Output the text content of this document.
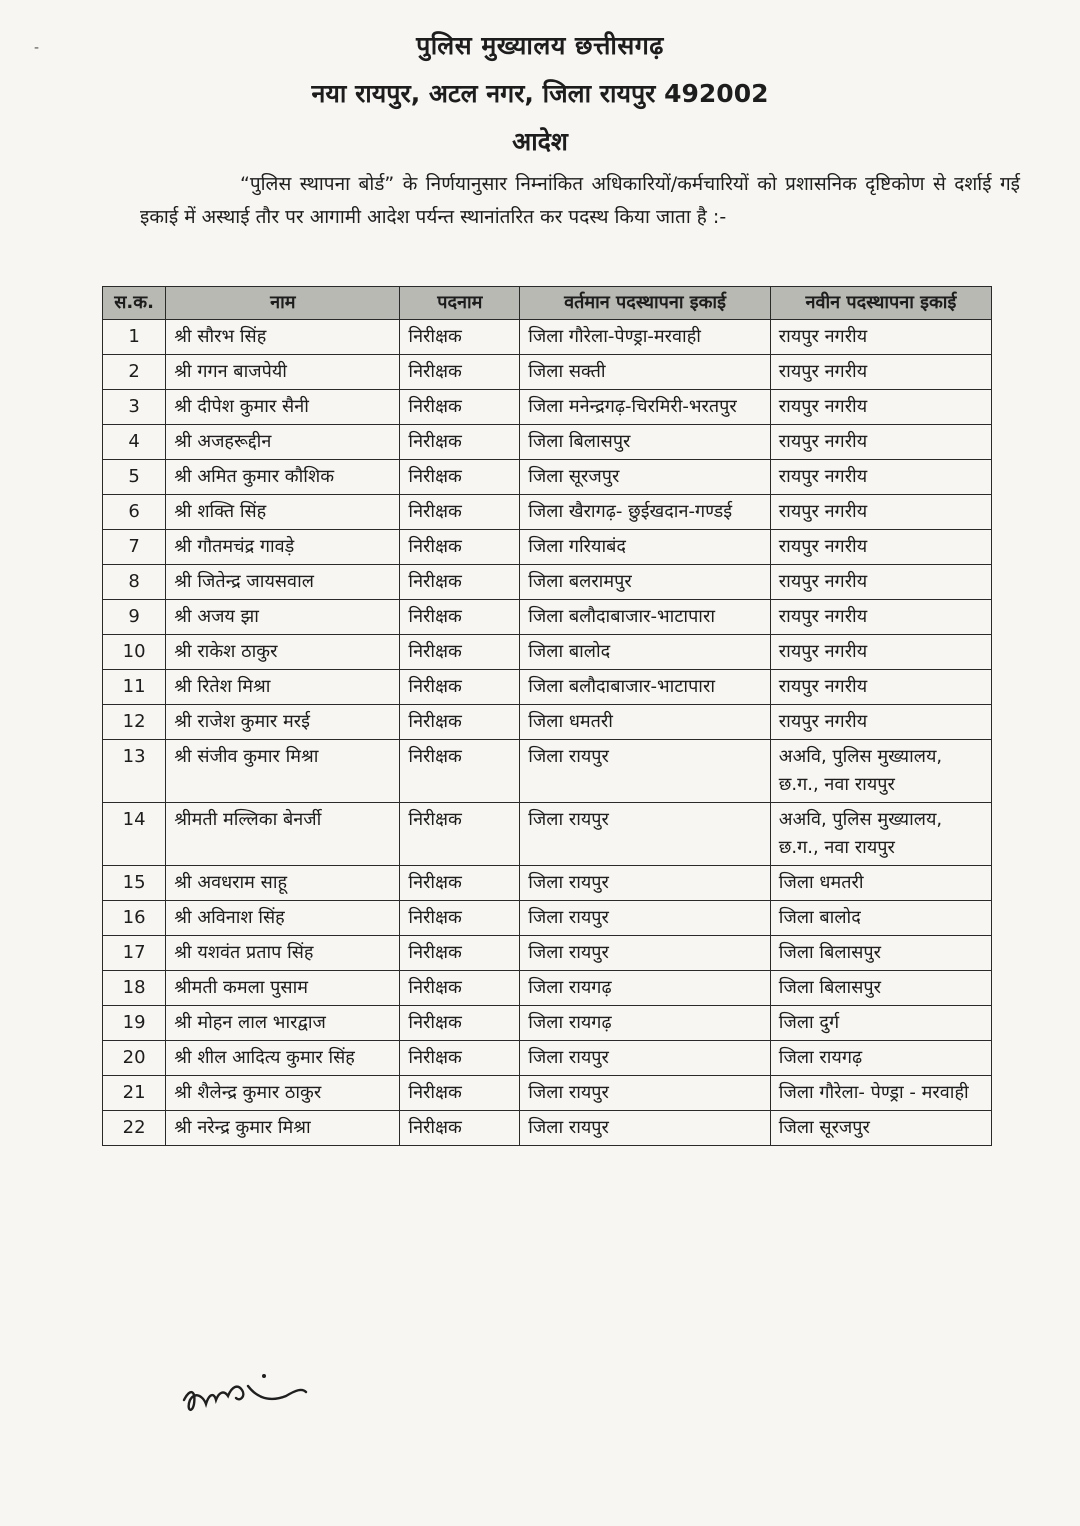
-	पुलिस मुख्यालय छत्तीसगढ़
नया रायपुर, अटल नगर, जिला रायपुर 492002
आदेश
“पुलिस स्थापना बोर्ड” के निर्णयानुसार निम्नांकित अधिकारियों/कर्मचारियों को प्रशासनिक दृष्टिकोण से दर्शाई गई इकाई में अस्थाई तौर पर आगामी आदेश पर्यन्त स्थानांतरित कर पदस्थ किया जाता है :-
स.क.	नाम	पदनाम	वर्तमान पदस्थापना इकाई	नवीन पदस्थापना इकाई
1	श्री सौरभ सिंह	निरीक्षक	जिला गौरेला-पेण्ड्रा-मरवाही	रायपुर नगरीय
2	श्री गगन बाजपेयी	निरीक्षक	जिला सक्ती	रायपुर नगरीय
3	श्री दीपेश कुमार सैनी	निरीक्षक	जिला मनेन्द्रगढ़-चिरमिरी-भरतपुर	रायपुर नगरीय
4	श्री अजहरूद्दीन	निरीक्षक	जिला बिलासपुर	रायपुर नगरीय
5	श्री अमित कुमार कौशिक	निरीक्षक	जिला सूरजपुर	रायपुर नगरीय
6	श्री शक्ति सिंह	निरीक्षक	जिला खैरागढ़- छुईखदान-गण्डई	रायपुर नगरीय
7	श्री गौतमचंद्र गावड़े	निरीक्षक	जिला गरियाबंद	रायपुर नगरीय
8	श्री जितेन्द्र जायसवाल	निरीक्षक	जिला बलरामपुर	रायपुर नगरीय
9	श्री अजय झा	निरीक्षक	जिला बलौदाबाजार-भाटापारा	रायपुर नगरीय
10	श्री राकेश ठाकुर	निरीक्षक	जिला बालोद	रायपुर नगरीय
11	श्री रितेश मिश्रा	निरीक्षक	जिला बलौदाबाजार-भाटापारा	रायपुर नगरीय
12	श्री राजेश कुमार मरई	निरीक्षक	जिला धमतरी	रायपुर नगरीय
13	श्री संजीव कुमार मिश्रा	निरीक्षक	जिला रायपुर	अअवि, पुलिस मुख्यालय, छ.ग., नवा रायपुर
14	श्रीमती मल्लिका बेनर्जी	निरीक्षक	जिला रायपुर	अअवि, पुलिस मुख्यालय, छ.ग., नवा रायपुर
15	श्री अवधराम साहू	निरीक्षक	जिला रायपुर	जिला धमतरी
16	श्री अविनाश सिंह	निरीक्षक	जिला रायपुर	जिला बालोद
17	श्री यशवंत प्रताप सिंह	निरीक्षक	जिला रायपुर	जिला बिलासपुर
18	श्रीमती कमला पुसाम	निरीक्षक	जिला रायगढ़	जिला बिलासपुर
19	श्री मोहन लाल भारद्वाज	निरीक्षक	जिला रायगढ़	जिला दुर्ग
20	श्री शील आदित्य कुमार सिंह	निरीक्षक	जिला रायपुर	जिला रायगढ़
21	श्री शैलेन्द्र कुमार ठाकुर	निरीक्षक	जिला रायपुर	जिला गौरेला- पेण्ड्रा - मरवाही
22	श्री नरेन्द्र कुमार मिश्रा	निरीक्षक	जिला रायपुर	जिला सूरजपुर
